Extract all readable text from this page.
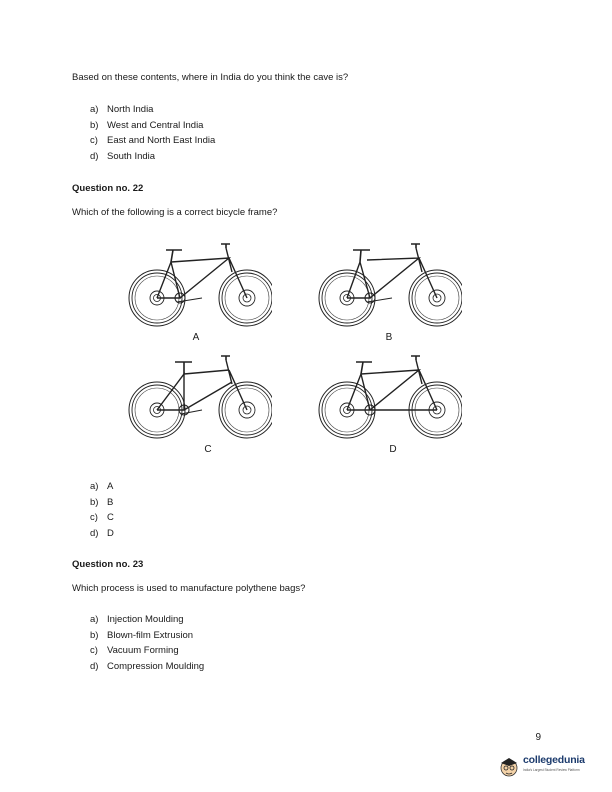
Based on these contents, where in India do you think the cave is?
a) North India
b) West and Central India
c) East and North East India
d) South India
Question no. 22
Which of the following is a correct bicycle frame?
A	B
C	D
a) A
b) B
c) C
d) D
Question no. 23
Which process is used to manufacture polythene bags?
a) Injection Moulding
b) Blown-film Extrusion
c) Vacuum Forming
d) Compression Moulding
9
collegedunia
India's Largest Student Review Platform
